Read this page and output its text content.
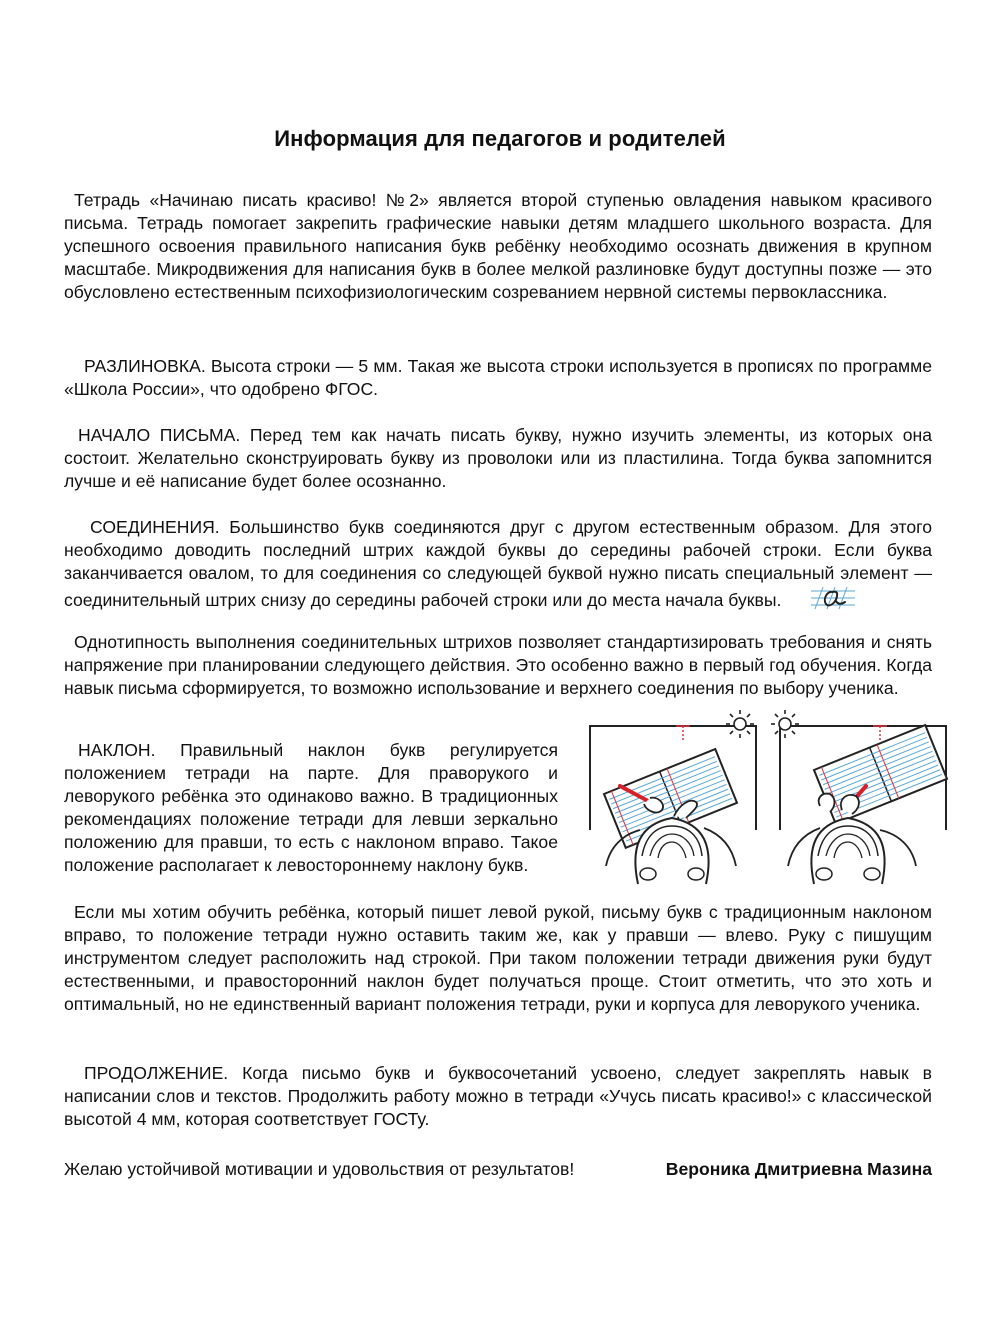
Информация для педагогов и родителей

Тетрадь «Начинаю писать красиво! №2» является второй ступенью овладения навыком красивого письма. Тетрадь помогает закрепить графические навыки детям младшего школьного возраста. Для успешного освоения правильного написания букв ребёнку необходимо осознать движения в крупном масштабе. Микродвижения для написания букв в более мелкой разлиновке будут доступны позже — это обусловлено естественным психофизиологическим созреванием нервной системы первоклассника.

РАЗЛИНОВКА. Высота строки — 5 мм. Такая же высота строки используется в прописях по программе «Школа России», что одобрено ФГОС.

НАЧАЛО ПИСЬМА. Перед тем как начать писать букву, нужно изучить элементы, из которых она состоит. Желательно сконструировать букву из проволоки или из пластилина. Тогда буква запомнится лучше и её написание будет более осознанно.

СОЕДИНЕНИЯ. Большинство букв соединяются друг с другом естественным образом. Для этого необходимо доводить последний штрих каждой буквы до середины рабочей строки. Если буква заканчивается овалом, то для соединения со следующей буквой нужно писать специальный элемент — соединительный штрих снизу до середины рабочей строки или до места начала буквы.

Однотипность выполнения соединительных штрихов позволяет стандартизировать требования и снять напряжение при планировании следующего действия. Это особенно важно в первый год обучения. Когда навык письма сформируется, то возможно использование и верхнего соединения по выбору ученика.

НАКЛОН. Правильный наклон букв регулируется положением тетради на парте. Для праворукого и леворукого ребёнка это одинаково важно. В традиционных рекомендациях положение тетради для левши зеркально положению для правши, то есть с наклоном вправо. Такое положение располагает к левостороннему наклону букв.

Если мы хотим обучить ребёнка, который пишет левой рукой, письму букв с традиционным наклоном вправо, то положение тетради нужно оставить таким же, как у правши — влево. Руку с пишущим инструментом следует расположить над строкой. При таком положении тетради движения руки будут естественными, и правосторонний наклон будет получаться проще. Стоит отметить, что это хоть и оптимальный, но не единственный вариант положения тетради, руки и корпуса для леворукого ученика.

ПРОДОЛЖЕНИЕ. Когда письмо букв и буквосочетаний усвоено, следует закреплять навык в написании слов и текстов. Продолжить работу можно в тетради «Учусь писать красиво!» с классической высотой 4 мм, которая соответствует ГОСТу.

Желаю устойчивой мотивации и удовольствия от результатов!	Вероника Дмитриевна Мазина
